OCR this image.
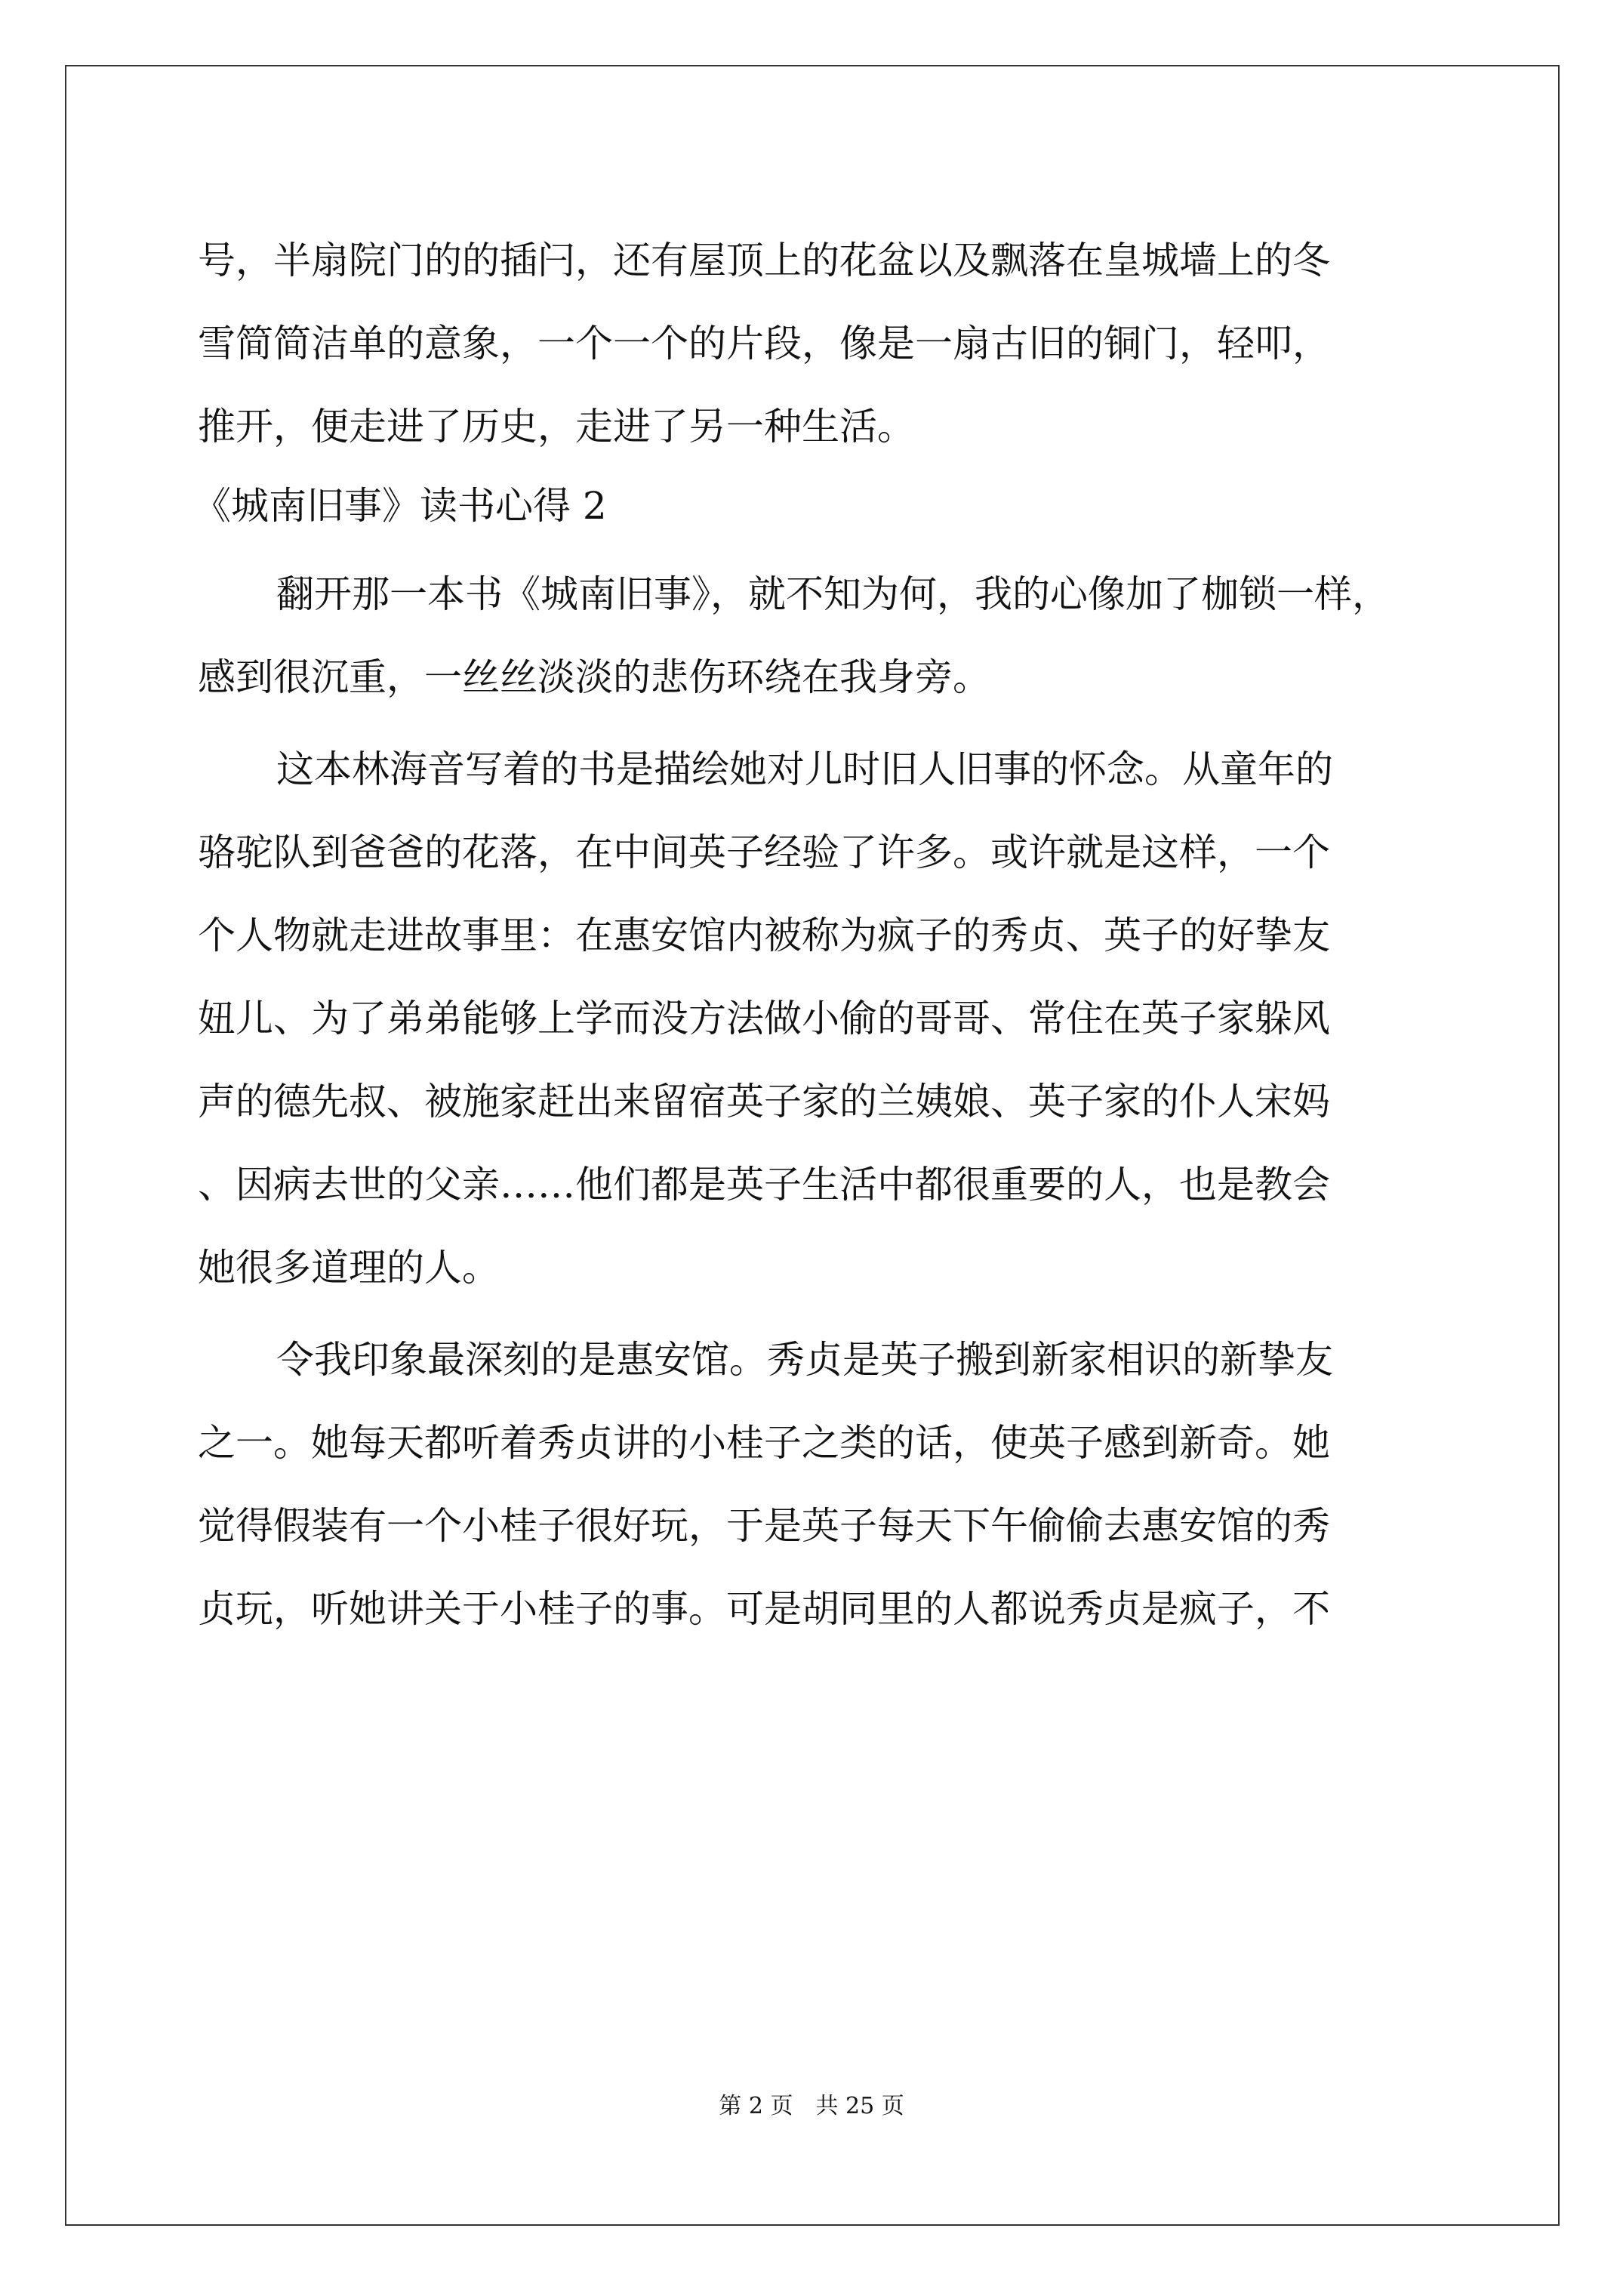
号，半扇院门的的插闩，还有屋顶上的花盆以及飘落在皇城墙上的冬

雪简简洁单的意象，一个一个的片段，像是一扇古旧的铜门，轻叩，

推开，便走进了历史，走进了另一种生活。

《城南旧事》读书心得 2

翻开那一本书《城南旧事》，就不知为何，我的心像加了枷锁一样，

感到很沉重，一丝丝淡淡的悲伤环绕在我身旁。

这本林海音写着的书是描绘她对儿时旧人旧事的怀念。从童年的

骆驼队到爸爸的花落，在中间英子经验了许多。或许就是这样，一个

个人物就走进故事里：在惠安馆内被称为疯子的秀贞、英子的好挚友

妞儿、为了弟弟能够上学而没方法做小偷的哥哥、常住在英子家躲风

声的德先叔、被施家赶出来留宿英子家的兰姨娘、英子家的仆人宋妈

、因病去世的父亲……他们都是英子生活中都很重要的人，也是教会

她很多道理的人。

令我印象最深刻的是惠安馆。秀贞是英子搬到新家相识的新挚友

之一。她每天都听着秀贞讲的小桂子之类的话，使英子感到新奇。她

觉得假装有一个小桂子很好玩，于是英子每天下午偷偷去惠安馆的秀

贞玩，听她讲关于小桂子的事。可是胡同里的人都说秀贞是疯子，不

第 2 页　共 25 页
